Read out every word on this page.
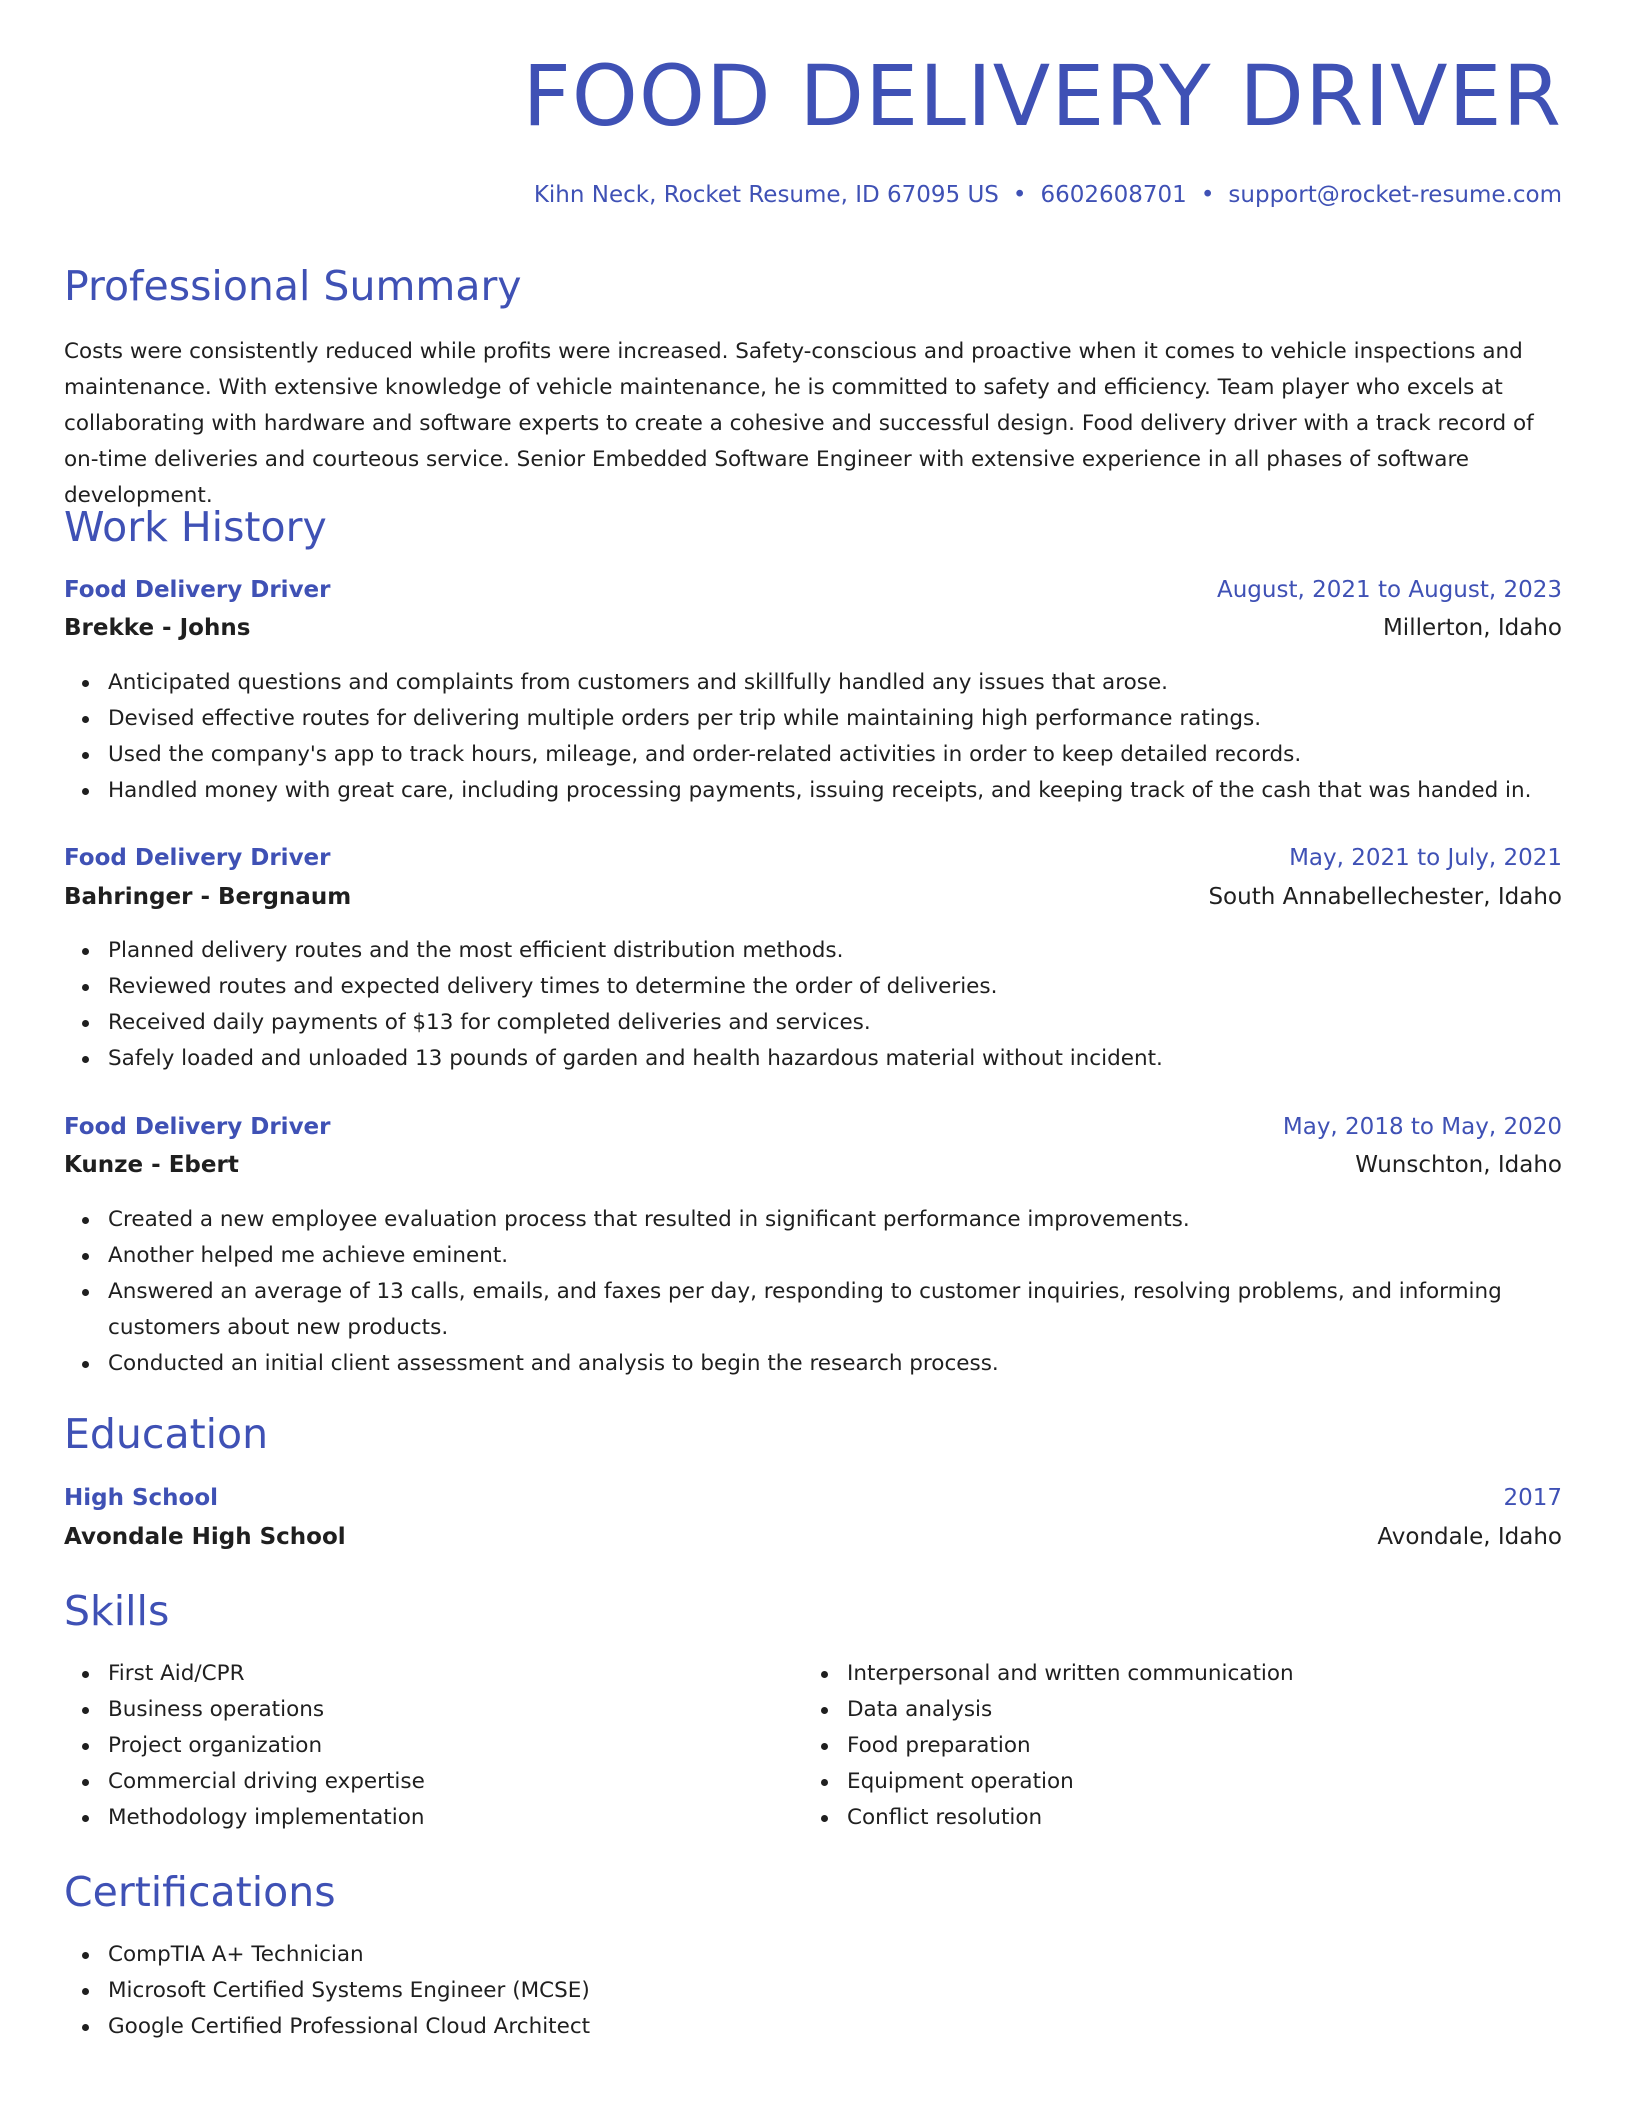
FOOD DELIVERY DRIVER
Kihn Neck, Rocket Resume, ID 67095 US • 6602608701 • support@rocket-resume.com
Professional Summary

Costs were consistently reduced while profits were increased. Safety-conscious and proactive when it comes to vehicle inspections and maintenance. With extensive knowledge of vehicle maintenance, he is committed to safety and efficiency. Team player who excels at collaborating with hardware and software experts to create a cohesive and successful design. Food delivery driver with a track record of on-time deliveries and courteous service. Senior Embedded Software Engineer with extensive experience in all phases of software development.

Work History
Food Delivery Driver	August, 2021 to August, 2023
Brekke - Johns	Millerton, Idaho
Anticipated questions and complaints from customers and skillfully handled any issues that arose.
Devised effective routes for delivering multiple orders per trip while maintaining high performance ratings.
Used the company's app to track hours, mileage, and order-related activities in order to keep detailed records.
Handled money with great care, including processing payments, issuing receipts, and keeping track of the cash that was handed in.
Food Delivery Driver	May, 2021 to July, 2021
Bahringer - Bergnaum	South Annabellechester, Idaho
Planned delivery routes and the most efficient distribution methods.
Reviewed routes and expected delivery times to determine the order of deliveries.
Received daily payments of $13 for completed deliveries and services.
Safely loaded and unloaded 13 pounds of garden and health hazardous material without incident.
Food Delivery Driver	May, 2018 to May, 2020
Kunze - Ebert	Wunschton, Idaho
Created a new employee evaluation process that resulted in significant performance improvements.
Another helped me achieve eminent.
Answered an average of 13 calls, emails, and faxes per day, responding to customer inquiries, resolving problems, and informing customers about new products.
Conducted an initial client assessment and analysis to begin the research process.
Education
High School	2017
Avondale High School	Avondale, Idaho
Skills
First Aid/CPR
Business operations
Project organization
Commercial driving expertise
Methodology implementation
Interpersonal and written communication
Data analysis
Food preparation
Equipment operation
Conflict resolution
Certifications
CompTIA A+ Technician
Microsoft Certified Systems Engineer (MCSE)
Google Certified Professional Cloud Architect
